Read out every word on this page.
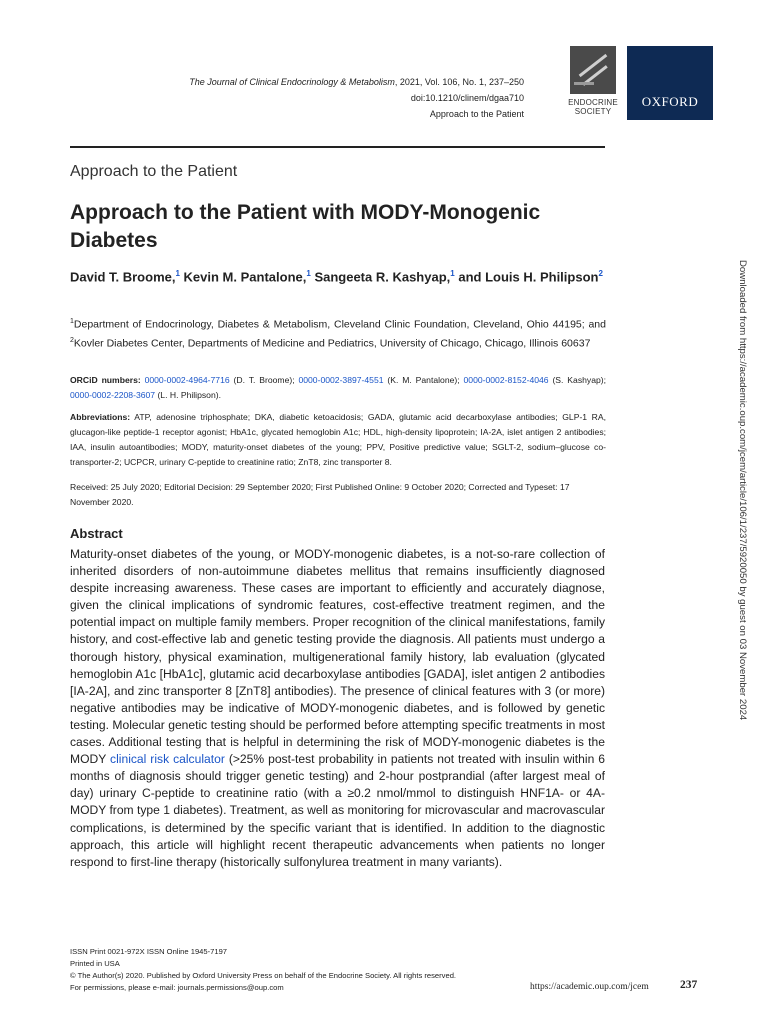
The Journal of Clinical Endocrinology & Metabolism, 2021, Vol. 106, No. 1, 237–250
doi:10.1210/clinem/dgaa710
Approach to the Patient
ENDOCRINE
SOCIETY
OXFORD
Approach to the Patient
Approach to the Patient with MODY-Monogenic Diabetes
David T. Broome,$^1$ Kevin M. Pantalone,$^1$ Sangeeta R. Kashyap,$^1$ and Louis H. Philipson$^2$
$^1$Department of Endocrinology, Diabetes & Metabolism, Cleveland Clinic Foundation, Cleveland, Ohio 44195; and $^2$Kovler Diabetes Center, Departments of Medicine and Pediatrics, University of Chicago, Chicago, Illinois 60637
ORCiD numbers: 0000-0002-4964-7716 (D. T. Broome); 0000-0002-3897-4551 (K. M. Pantalone); 0000-0002-8152-4046 (S. Kashyap); 0000-0002-2208-3607 (L. H. Philipson).
Abbreviations: ATP, adenosine triphosphate; DKA, diabetic ketoacidosis; GADA, glutamic acid decarboxylase antibodies; GLP-1 RA, glucagon-like peptide-1 receptor agonist; HbA1c, glycated hemoglobin A1c; HDL, high-density lipoprotein; IA-2A, islet antigen 2 antibodies; IAA, insulin autoantibodies; MODY, maturity-onset diabetes of the young; PPV, Positive predictive value; SGLT-2, sodium–glucose co-transporter-2; UCPCR, urinary C-peptide to creatinine ratio; ZnT8, zinc transporter 8.
Received: 25 July 2020; Editorial Decision: 29 September 2020; First Published Online: 9 October 2020; Corrected and Typeset: 17 November 2020.
Abstract
Maturity-onset diabetes of the young, or MODY-monogenic diabetes, is a not-so-rare collection of inherited disorders of non-autoimmune diabetes mellitus that remains insufficiently diagnosed despite increasing awareness. These cases are important to efficiently and accurately diagnose, given the clinical implications of syndromic features, cost-effective treatment regimen, and the potential impact on multiple family members. Proper recognition of the clinical manifestations, family history, and cost-effective lab and genetic testing provide the diagnosis. All patients must undergo a thorough history, physical examination, multigenerational family history, lab evaluation (glycated hemoglobin A1c [HbA1c], glutamic acid decarboxylase antibodies [GADA], islet antigen 2 antibodies [IA-2A], and zinc transporter 8 [ZnT8] antibodies). The presence of clinical features with 3 (or more) negative antibodies may be indicative of MODY-monogenic diabetes, and is followed by genetic testing. Molecular genetic testing should be performed before attempting specific treatments in most cases. Additional testing that is helpful in determining the risk of MODY-monogenic diabetes is the MODY clinical risk calculator (>25% post-test probability in patients not treated with insulin within 6 months of diagnosis should trigger genetic testing) and 2-hour postprandial (after largest meal of day) urinary C-peptide to creatinine ratio (with a ≥0.2 nmol/mmol to distinguish HNF1A- or 4A-MODY from type 1 diabetes). Treatment, as well as monitoring for microvascular and macrovascular complications, is determined by the specific variant that is identified. In addition to the diagnostic approach, this article will highlight recent therapeutic advancements when patients no longer respond to first-line therapy (historically sulfonylurea treatment in many variants).
ISSN Print 0021-972X ISSN Online 1945-7197
Printed in USA
© The Author(s) 2020. Published by Oxford University Press on behalf of the Endocrine Society. All rights reserved.
For permissions, please e-mail: journals.permissions@oup.com	https://academic.oup.com/jcem	237
Downloaded from https://academic.oup.com/jcem/article/106/1/237/5920050 by guest on 03 November 2024
